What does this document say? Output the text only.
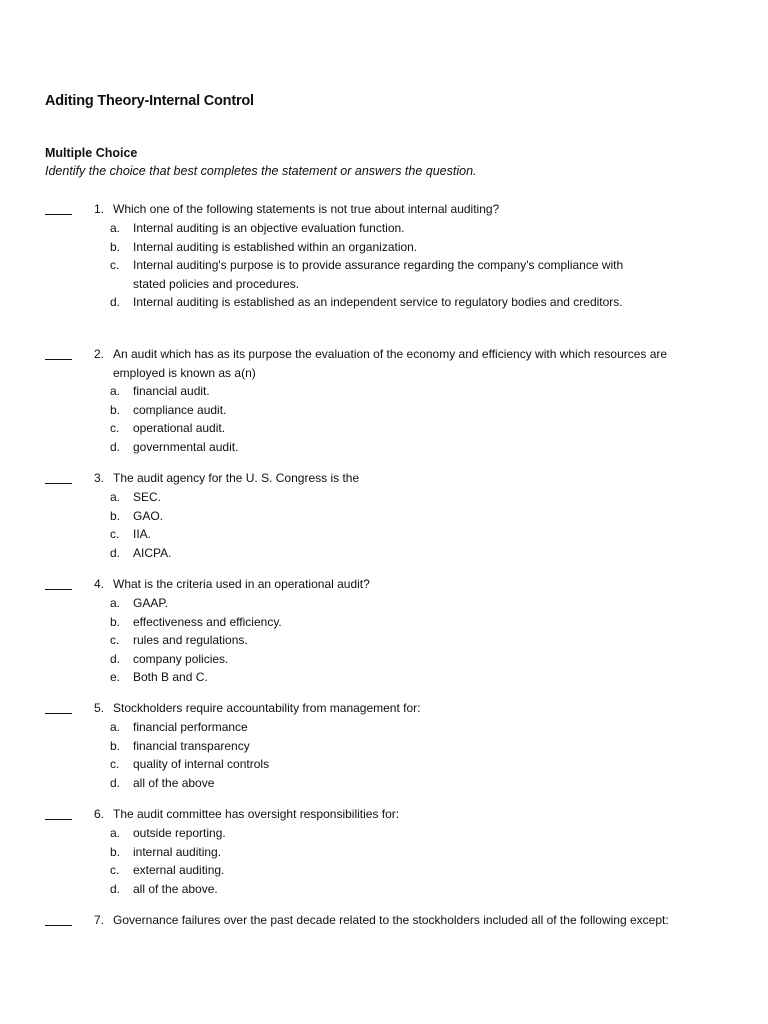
Aditing Theory-Internal Control
Multiple Choice
Identify the choice that best completes the statement or answers the question.
1. Which one of the following statements is not true about internal auditing?
a. Internal auditing is an objective evaluation function.
b. Internal auditing is established within an organization.
c. Internal auditing's purpose is to provide assurance regarding the company's compliance with stated policies and procedures.
d. Internal auditing is established as an independent service to regulatory bodies and creditors.
2. An audit which has as its purpose the evaluation of the economy and efficiency with which resources are employed is known as a(n)
a. financial audit.
b. compliance audit.
c. operational audit.
d. governmental audit.
3. The audit agency for the U. S. Congress is the
a. SEC.
b. GAO.
c. IIA.
d. AICPA.
4. What is the criteria used in an operational audit?
a. GAAP.
b. effectiveness and efficiency.
c. rules and regulations.
d. company policies.
e. Both B and C.
5. Stockholders require accountability from management for:
a. financial performance
b. financial transparency
c. quality of internal controls
d. all of the above
6. The audit committee has oversight responsibilities for:
a. outside reporting.
b. internal auditing.
c. external auditing.
d. all of the above.
7. Governance failures over the past decade related to the stockholders included all of the following except:
